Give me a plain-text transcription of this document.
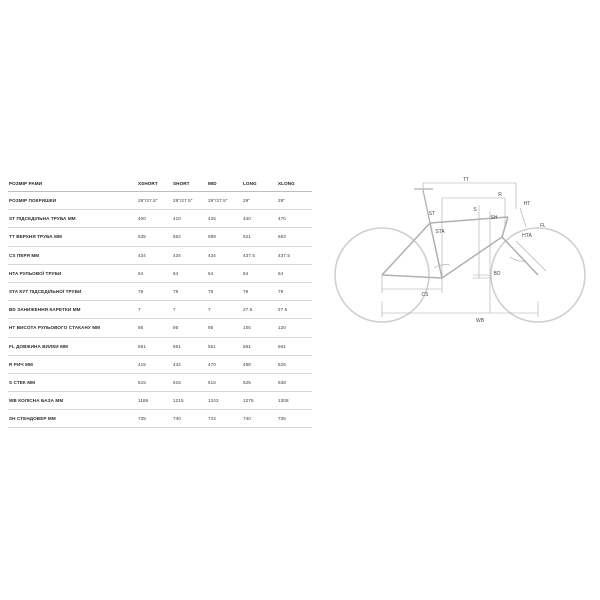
РОЗМІР РАМИ	XSHORT	SHORT	MID	LONG	XLONG
РОЗМІР ПОКРИШКИ	29"/27.5"	29"/27.5"	29"/27.5"	29"	29"
ST ПІДСЕДІЛЬНА ТРУБА ММ	400	410	425	440	470
TT ВЕРХНЯ ТРУБА ММ	535	562	589	621	653
CS ПЕРЯ ММ	434	434	434	437.5	437.5
HTA РУЛЬОВОЇ ТРУБИ	64	64	64	64	64
STA КУТ ПІДСЕДІЛЬНОЇ ТРУБИ	79	79	79	79	79
BD ЗАНИЖЕННЯ КАРЕТКИ ММ	7	7	7	27.5	27.5
HT ВИСОТА РУЛЬОВОГО СТАКАНУ ММ	95	95	95	105	120
FL ДОВЖИНА ВИЛКИ ММ	561	561	561	561	561
R РИЧ ММ	415	442	470	498	525
S СТЕК ММ	615	615	615	625	638
WB КОЛІСНА БАЗА ММ	1186	1215	1242	1275	1308
SH СТЕНДОВЕР ММ	735	740	743	740	735
TT
R
HT
ST
S
SH
FL
STA
HTA
CS
BD
WB
